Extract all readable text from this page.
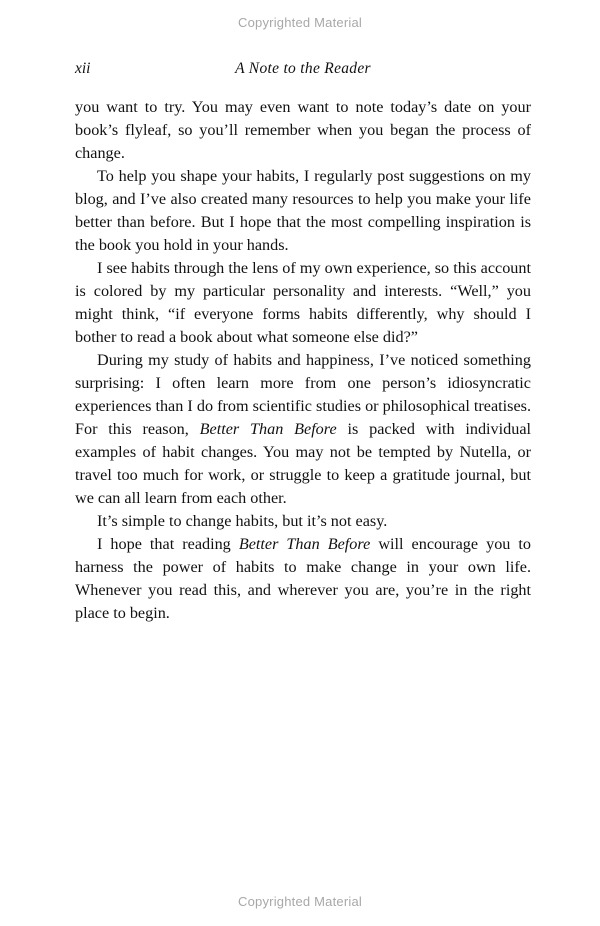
Copyrighted Material
xii	A Note to the Reader

you want to try. You may even want to note today’s date on your book’s flyleaf, so you’ll remember when you began the process of change.

To help you shape your habits, I regularly post suggestions on my blog, and I’ve also created many resources to help you make your life better than before. But I hope that the most compelling inspiration is the book you hold in your hands.

I see habits through the lens of my own experience, so this account is colored by my particular personality and interests. “Well,” you might think, “if everyone forms habits differently, why should I bother to read a book about what someone else did?”

During my study of habits and happiness, I’ve noticed something surprising: I often learn more from one person’s idiosyncratic experiences than I do from scientific studies or philosophical treatises. For this reason, Better Than Before is packed with individual examples of habit changes. You may not be tempted by Nutella, or travel too much for work, or struggle to keep a gratitude journal, but we can all learn from each other.

It’s simple to change habits, but it’s not easy.

I hope that reading Better Than Before will encourage you to harness the power of habits to make change in your own life. Whenever you read this, and wherever you are, you’re in the right place to begin.

Copyrighted Material
